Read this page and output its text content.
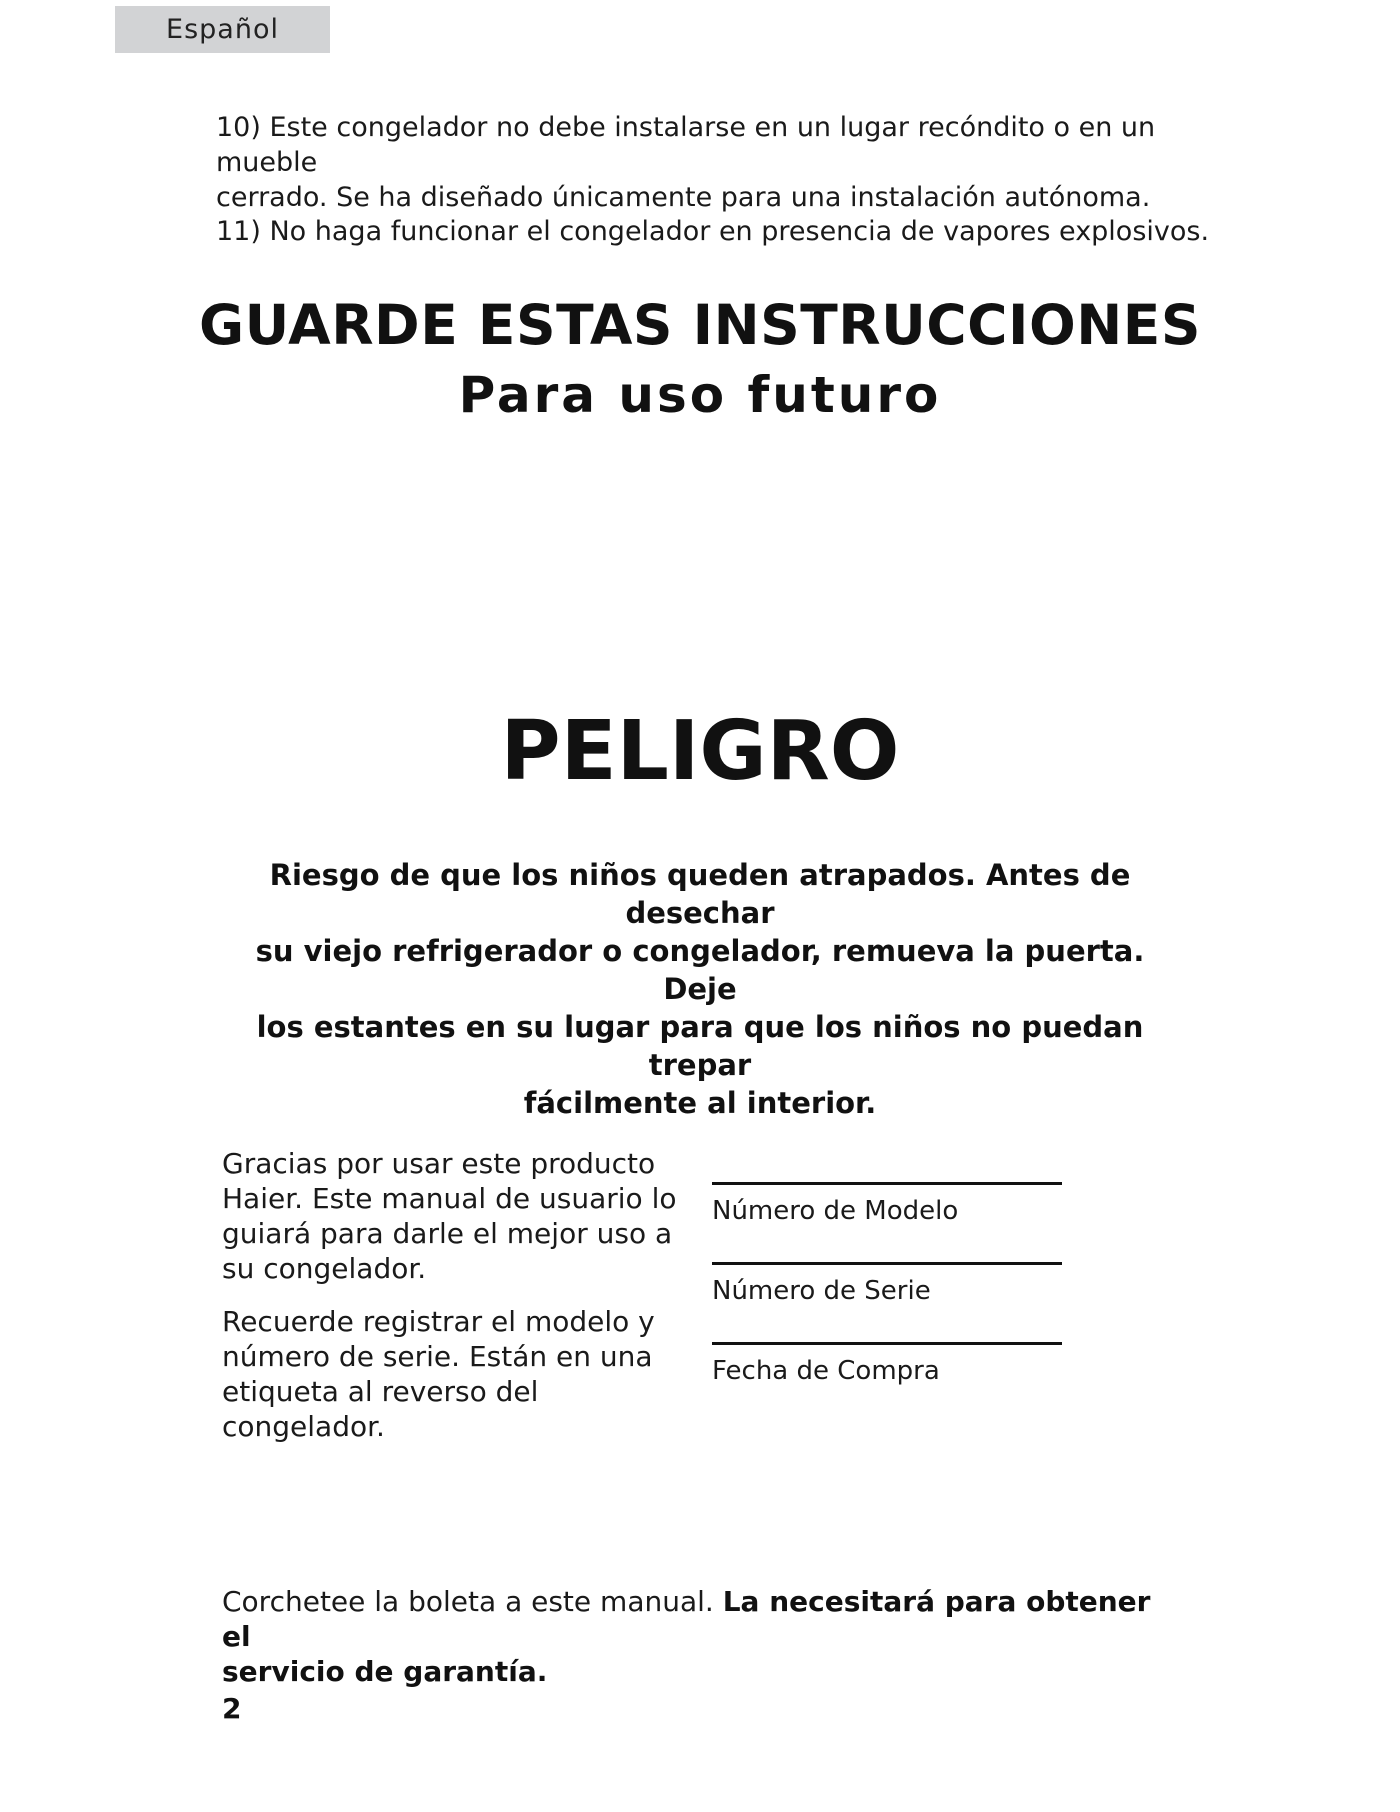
Español
10) Este congelador no debe instalarse en un lugar recóndito o en un mueble
cerrado. Se ha diseñado únicamente para una instalación autónoma.
11) No haga funcionar el congelador en presencia de vapores explosivos.
GUARDE ESTAS INSTRUCCIONES
Para uso futuro
PELIGRO
Riesgo de que los niños queden atrapados. Antes de desechar
su viejo refrigerador o congelador, remueva la puerta. Deje
los estantes en su lugar para que los niños no puedan trepar
fácilmente al interior.

Gracias por usar este producto
Haier. Este manual de usuario lo
guiará para darle el mejor uso a
su congelador.

Recuerde registrar el modelo y
número de serie. Están en una
etiqueta al reverso del congelador.

Número de Modelo
Número de Serie
Fecha de Compra
Corchetee la boleta a este manual. La necesitará para obtener el
servicio de garantía.
2
